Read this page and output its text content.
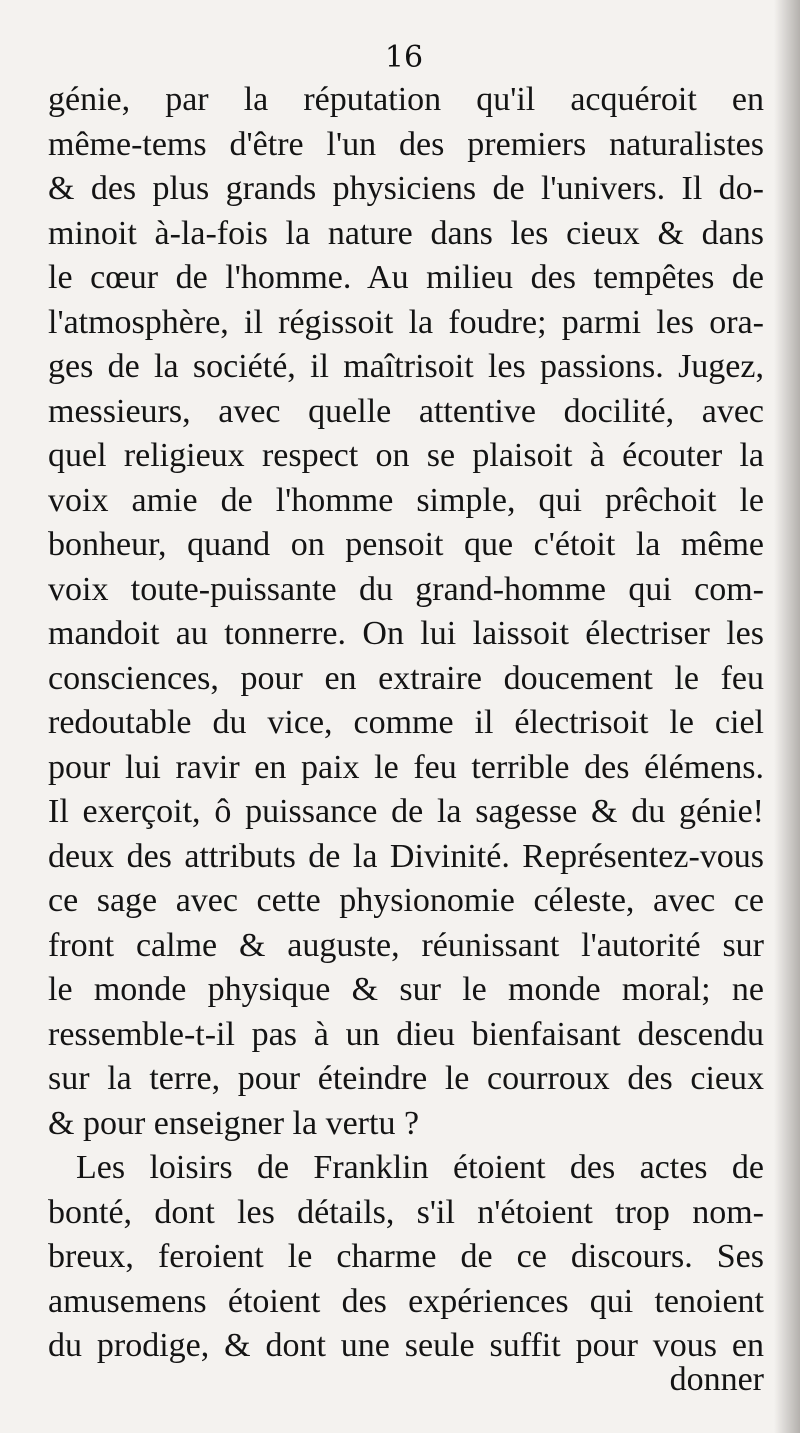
16
génie, par la réputation qu'il acquéroit en
même-tems d'être l'un des premiers naturalistes
& des plus grands physiciens de l'univers. Il do-
minoit à-la-fois la nature dans les cieux & dans
le cœur de l'homme. Au milieu des tempêtes de
l'atmosphère, il régissoit la foudre; parmi les ora-
ges de la société, il maîtrisoit les passions. Jugez,
messieurs, avec quelle attentive docilité, avec
quel religieux respect on se plaisoit à écouter la
voix amie de l'homme simple, qui prêchoit le
bonheur, quand on pensoit que c'étoit la même
voix toute-puissante du grand-homme qui com-
mandoit au tonnerre. On lui laissoit électriser les
consciences, pour en extraire doucement le feu
redoutable du vice, comme il électrisoit le ciel
pour lui ravir en paix le feu terrible des élémens.
Il exerçoit, ô puissance de la sagesse & du génie!
deux des attributs de la Divinité. Représentez-vous
ce sage avec cette physionomie céleste, avec ce
front calme & auguste, réunissant l'autorité sur
le monde physique & sur le monde moral; ne
ressemble-t-il pas à un dieu bienfaisant descendu
sur la terre, pour éteindre le courroux des cieux
& pour enseigner la vertu ?
Les loisirs de Franklin étoient des actes de
bonté, dont les détails, s'il n'étoient trop nom-
breux, feroient le charme de ce discours. Ses
amusemens étoient des expériences qui tenoient
du prodige, & dont une seule suffit pour vous en
donner
